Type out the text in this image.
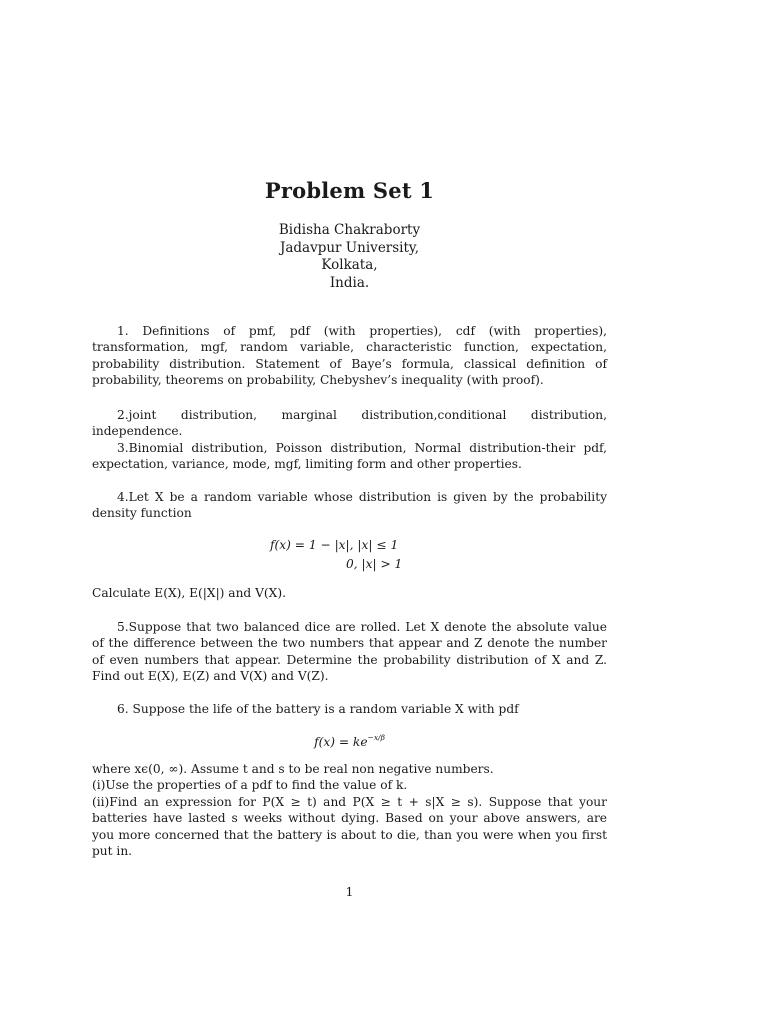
Problem Set 1
Bidisha Chakraborty
Jadavpur University,
Kolkata,
India.

1. Definitions of pmf, pdf (with properties), cdf (with properties), transformation, mgf, random variable, characteristic function, expectation, probability distribution. Statement of Baye’s formula, classical definition of probability, theorems on probability, Chebyshev’s inequality (with proof).

2.joint distribution, marginal distribution,conditional distribution, independence.

3.Binomial distribution, Poisson distribution, Normal distribution-their pdf, expectation, variance, mode, mgf, limiting form and other properties.

4.Let X be a random variable whose distribution is given by the probability density function

f(x) = 1 − |x|, |x| ≤ 1
0, |x| > 1

Calculate E(X), E(|X|) and V(X).

5.Suppose that two balanced dice are rolled. Let X denote the absolute value of the difference between the two numbers that appear and Z denote the number of even numbers that appear. Determine the probability distribution of X and Z. Find out E(X), E(Z) and V(X) and V(Z).

6. Suppose the life of the battery is a random variable X with pdf

$f(x) = ke^{-x/\beta}$

where xϵ(0, ∞). Assume t and s to be real non negative numbers.

(i)Use the properties of a pdf to find the value of k.

(ii)Find an expression for P(X ≥ t) and P(X ≥ t + s|X ≥ s). Suppose that your batteries have lasted s weeks without dying. Based on your above answers, are you more concerned that the battery is about to die, than you were when you first put in.

1
